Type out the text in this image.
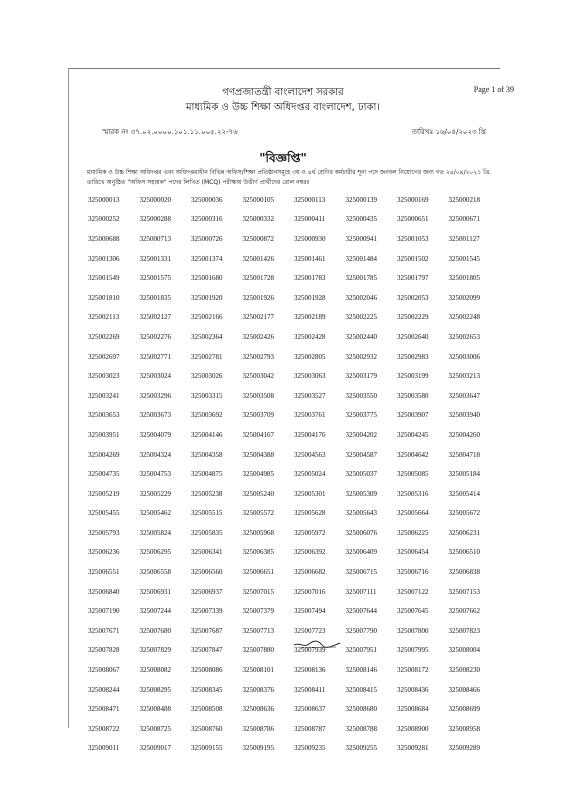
Page 1 of 39
গণপ্রজাতন্ত্রী বাংলাদেশ সরকার
মাধ্যমিক ও উচ্চ শিক্ষা অধিদপ্তর বাংলাদেশ, ঢাকা।
স্মারক নং ৩৭.০২.০০০০.১০১.১১.০০৫.২২-৭৬	তারিখঃ ১৬/০৪/২০২৩ খ্রি
"বিজ্ঞপ্তি"
মাধ্যমিক ও উচ্চ শিক্ষা অধিদপ্তর এবং অধিদপ্তরাধীন বিভিন্ন অফিস/শিক্ষা প্রতিষ্ঠানসমূহে ৩য় ও ৪র্থ শ্রেণির কর্মচারীর শূন্য পদে জনবল নিয়োগের জন্য গত ২৪/০৯/২০২১ খ্রি. তারিখে অনুষ্ঠিত "অফিস সহায়ক" পদের লিখিত (MCQ) পরীক্ষায় উত্তীর্ণ প্রার্থীদের রোল নম্বরঃ
325000013	325000020	325000036	325000105	325000113	325000139	325000169	325000218
325000252	325000288	325000316	325000332	325000411	325000435	325000651	325000671
325000688	325000713	325000726	325000872	325000930	325000941	325001053	325001127
325001306	325001331	325001374	325001426	325001461	325001484	325001502	325001545
325001549	325001575	325001680	325001728	325001783	325001785	325001797	325001805
325001810	325001835	325001920	325001926	325001928	325002046	325002053	325002099
325002113	325002127	325002166	325002177	325002189	325002225	325002229	325002248
325002269	325002276	325002364	325002426	325002428	325002440	325002640	325002653
325002697	325002771	325002781	325002793	325002805	325002932	325002983	325003006
325003023	325003024	325003026	325003042	325003063	325003179	325003199	325003213
325003241	325003296	325003315	325003508	325003527	325003550	325003580	325003647
325003653	325003673	325003692	325003709	325003761	325003775	325003907	325003940
325003951	325004079	325004146	325004167	325004176	325004202	325004245	325004260
325004269	325004324	325004358	325004388	325004563	325004587	325004642	325004718
325004735	325004753	325004875	325004985	325005024	325005037	325005085	325005184
325005219	325005229	325005238	325005240	325005301	325005309	325005316	325005414
325005455	325005462	325005515	325005572	325005628	325005643	325005664	325005672
325005793	325005824	325005835	325005968	325005972	325006076	325006225	325006231
325006236	325006295	325006341	325006385	325006392	325006409	325006454	325006510
325006551	325006558	325006560	325006651	325006682	325006715	325006716	325006838
325006840	325006931	325006937	325007015	325007016	325007111	325007122	325007153
325007190	325007244	325007339	325007379	325007494	325007644	325007645	325007662
325007671	325007680	325007687	325007713	325007723	325007790	325007800	325007823
325007828	325007829	325007847	325007880	325007939	325007951	325007995	325008004
325008067	325008082	325008086	325008101	325008136	325008146	325008172	325008230
325008244	325008295	325008345	325008376	325008411	325008415	325008436	325008466
325008471	325008488	325008508	325008636	325008637	325008680	325008684	325008699
325008722	325008725	325008760	325008786	325008787	325008788	325008900	325008958
325009011	325009017	325009155	325009195	325009235	325009255	325009281	325009289
